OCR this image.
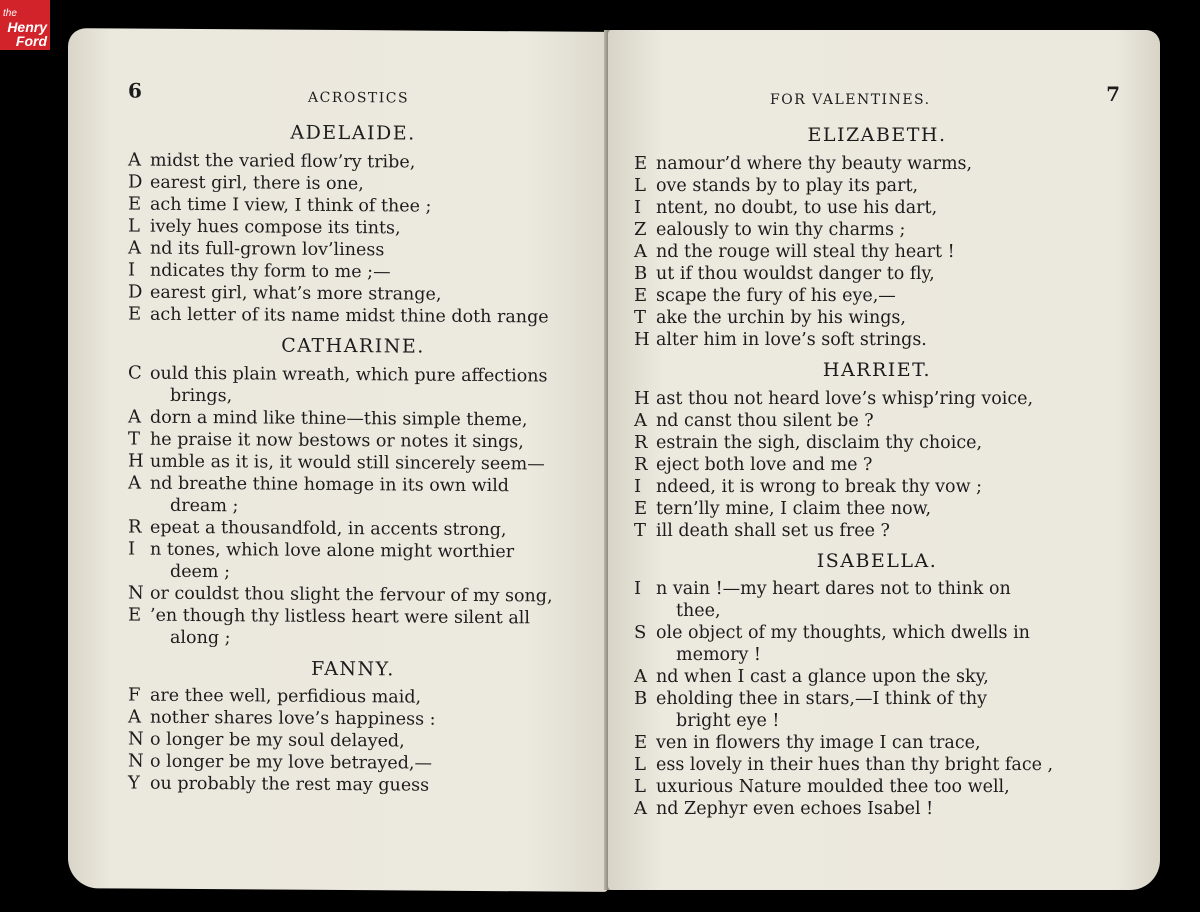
the
Henry
Ford
6	ACROSTICS
ADELAIDE.
A midst the varied flow’ry tribe,
D earest girl, there is one,
E ach time I view, I think of thee ;
L ively hues compose its tints,
A nd its full-grown lov’liness
I ndicates thy form to me ;—
D earest girl, what’s more strange,
E ach letter of its name midst thine doth range
CATHARINE.
C ould this plain wreath, which pure affections
brings,
A dorn a mind like thine—this simple theme,
T he praise it now bestows or notes it sings,
H umble as it is, it would still sincerely seem—
A nd breathe thine homage in its own wild
dream ;
R epeat a thousandfold, in accents strong,
I n tones, which love alone might worthier
deem ;
N or couldst thou slight the fervour of my song,
E ’en though thy listless heart were silent all
along ;
FANNY.
F are thee well, perfidious maid,
A nother shares love’s happiness :
N o longer be my soul delayed,
N o longer be my love betrayed,—
Y ou probably the rest may guess
FOR VALENTINES.	7
ELIZABETH.
E namour’d where thy beauty warms,
L ove stands by to play its part,
I ntent, no doubt, to use his dart,
Z ealously to win thy charms ;
A nd the rouge will steal thy heart !
B ut if thou wouldst danger to fly,
E scape the fury of his eye,—
T ake the urchin by his wings,
H alter him in love’s soft strings.
HARRIET.
H ast thou not heard love’s whisp’ring voice,
A nd canst thou silent be ?
R estrain the sigh, disclaim thy choice,
R eject both love and me ?
I ndeed, it is wrong to break thy vow ;
E tern’lly mine, I claim thee now,
T ill death shall set us free ?
ISABELLA.
I n vain !—my heart dares not to think on
thee,
S ole object of my thoughts, which dwells in
memory !
A nd when I cast a glance upon the sky,
B eholding thee in stars,—I think of thy
bright eye !
E ven in flowers thy image I can trace,
L ess lovely in their hues than thy bright face ,
L uxurious Nature moulded thee too well,
A nd Zephyr even echoes Isabel !
